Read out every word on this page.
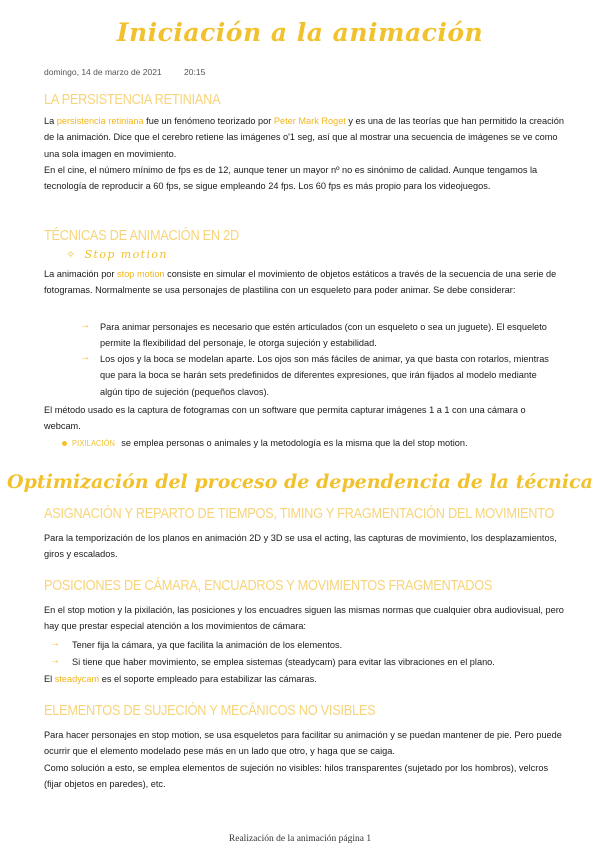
Iniciación a la animación
domingo, 14 de marzo de 2021	20:15
LA PERSISTENCIA RETINIANA
La persistencia retiniana fue un fenómeno teorizado por Peter Mark Roget y es una de las teorías que han permitido la creación de la animación. Dice que el cerebro retiene las imágenes o'1 seg, así que al mostrar una secuencia de imágenes se ve como una sola imagen en movimiento.
En el cine, el número mínimo de fps es de 12, aunque tener un mayor nº no es sinónimo de calidad. Aunque tengamos la tecnología de reproducir a 60 fps, se sigue empleando 24 fps. Los 60 fps es más propio para los videojuegos.
TÉCNICAS DE ANIMACIÓN EN 2D
✧ Stop motion
La animación por stop motion consiste en simular el movimiento de objetos estáticos a través de la secuencia de una serie de fotogramas. Normalmente se usa personajes de plastilina con un esqueleto para poder animar. Se debe considerar:
→ Para animar personajes es necesario que estén articulados (con un esqueleto o sea un juguete). El esqueleto permite la flexibilidad del personaje, le otorga sujeción y estabilidad.
→ Los ojos y la boca se modelan aparte. Los ojos son más fáciles de animar, ya que basta con rotarlos, mientras que para la boca se harán sets predefinidos de diferentes expresiones, que irán fijados al modelo mediante algún tipo de sujeción (pequeños clavos).
El método usado es la captura de fotogramas con un software que permita capturar imágenes 1 a 1 con una cámara o webcam.
PIXILACIÓN se emplea personas o animales y la metodología es la misma que la del stop motion.
Optimización del proceso de dependencia de la técnica
ASIGNACIÓN Y REPARTO DE TIEMPOS, TIMING Y FRAGMENTACIÓN DEL MOVIMIENTO
Para la temporización de los planos en animación 2D y 3D se usa el acting, las capturas de movimiento, los desplazamientos, giros y escalados.
POSICIONES DE CÁMARA, ENCUADROS Y MOVIMIENTOS FRAGMENTADOS
En el stop motion y la pixilación, las posiciones y los encuadres siguen las mismas normas que cualquier obra audiovisual, pero hay que prestar especial atención a los movimientos de cámara:
→ Tener fija la cámara, ya que facilita la animación de los elementos.
→ Si tiene que haber movimiento, se emplea sistemas (steadycam) para evitar las vibraciones en el plano.
El steadycam es el soporte empleado para estabilizar las cámaras.
ELEMENTOS DE SUJECIÓN Y MECÁNICOS NO VISIBLES
Para hacer personajes en stop motion, se usa esqueletos para facilitar su animación y se puedan mantener de pie. Pero puede ocurrir que el elemento modelado pese más en un lado que otro, y haga que se caiga.
Como solución a esto, se emplea elementos de sujeción no visibles: hilos transparentes (sujetado por los hombros), velcros (fijar objetos en paredes), etc.
Realización de la animación página 1
